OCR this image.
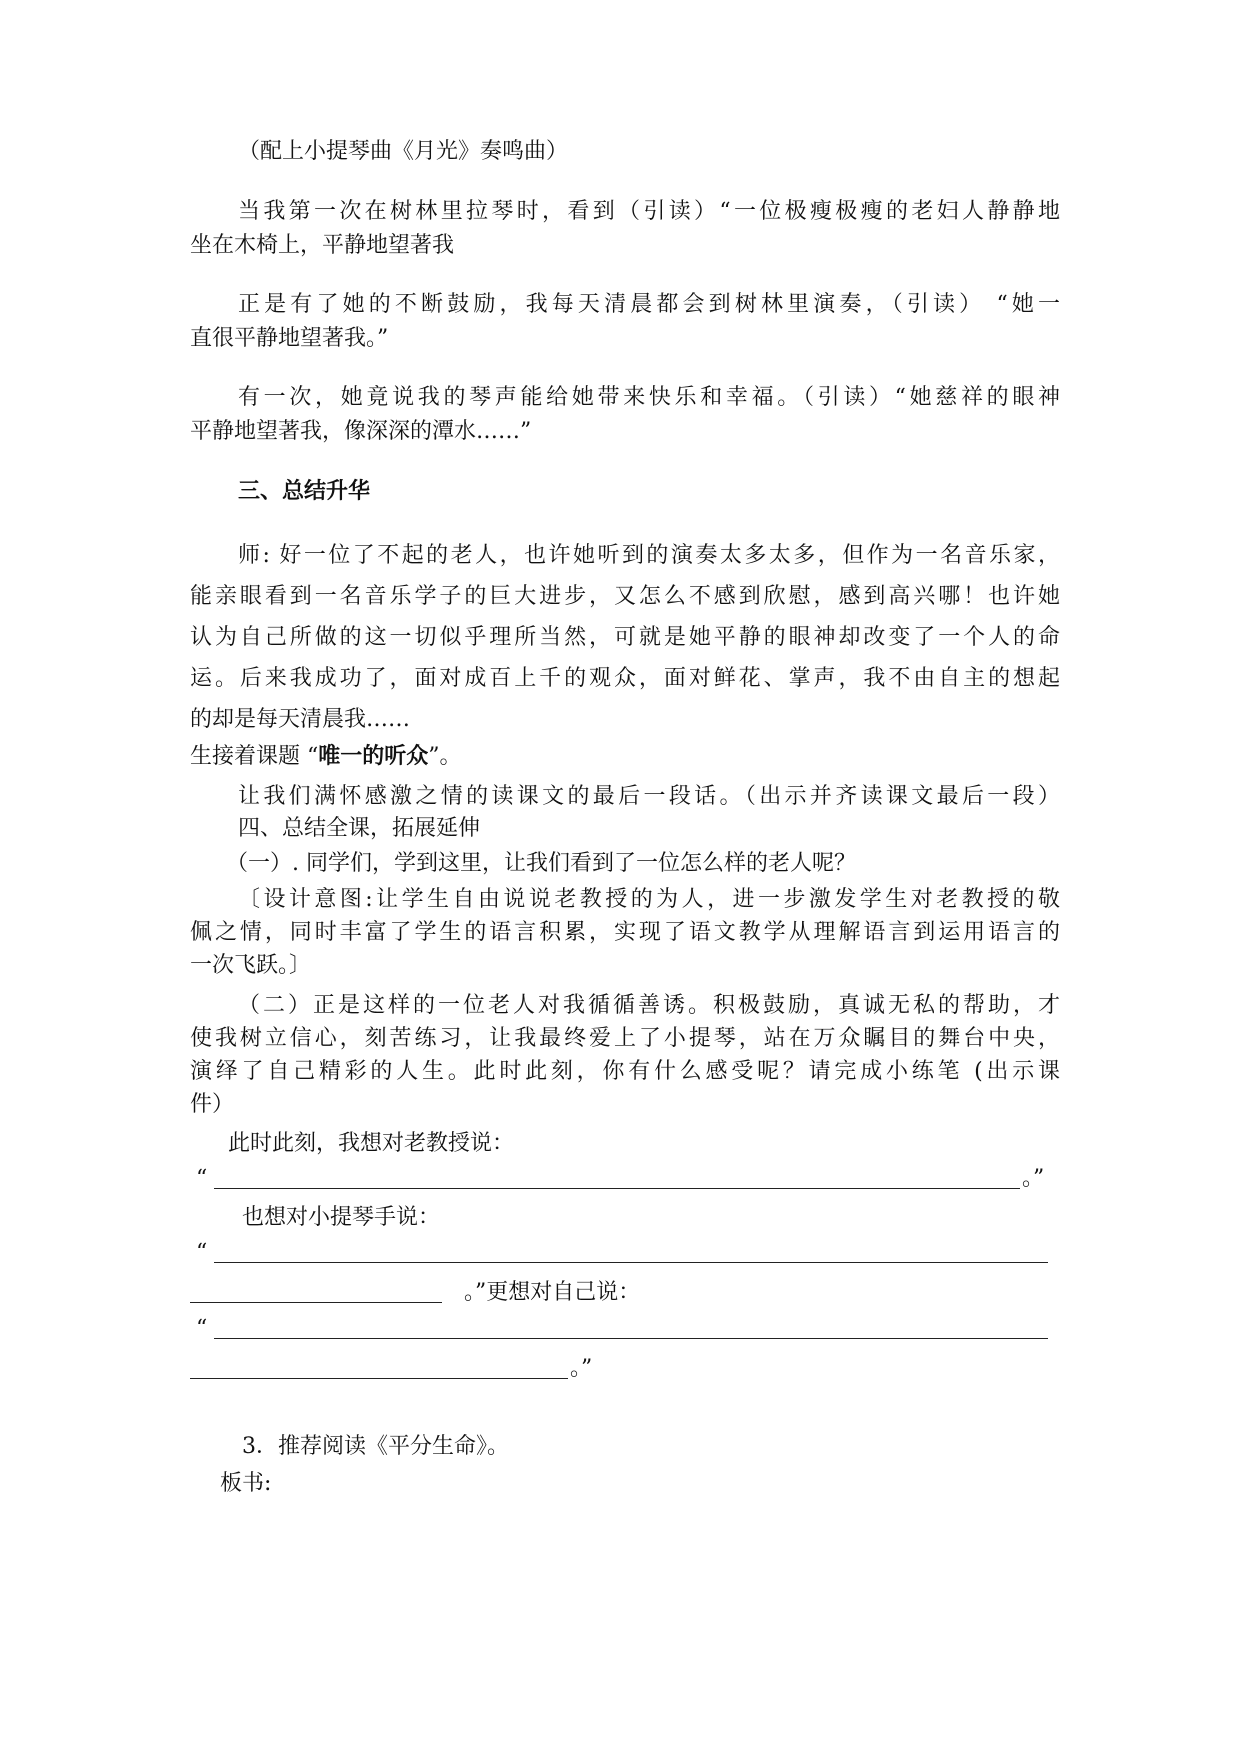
（配上小提琴曲《月光》奏鸣曲）
当我第一次在树林里拉琴时，看到（引读）“一位极瘦极瘦的老妇人静静地
坐在木椅上，平静地望著我
正是有了她的不断鼓励，我每天清晨都会到树林里演奏，（引读） “她一
直很平静地望著我。”
有一次，她竟说我的琴声能给她带来快乐和幸福。（引读）“她慈祥的眼神
平静地望著我，像深深的潭水……”
三、总结升华
师: 好一位了不起的老人，也许她听到的演奏太多太多，但作为一名音乐家，
能亲眼看到一名音乐学子的巨大进步，又怎么不感到欣慰，感到高兴哪！也许她
认为自己所做的这一切似乎理所当然，可就是她平静的眼神却改变了一个人的命
运。后来我成功了，面对成百上千的观众，面对鲜花、掌声，我不由自主的想起
的却是每天清晨我……
生接着课题 “唯一的听众”。
让我们满怀感激之情的读课文的最后一段话。（出示并齐读课文最后一段）
四、总结全课，拓展延伸
（一）. 同学们，学到这里，让我们看到了一位怎么样的老人呢？
〔设计意图:让学生自由说说老教授的为人，进一步激发学生对老教授的敬
佩之情，同时丰富了学生的语言积累，实现了语文教学从理解语言到运用语言的
一次飞跃。〕
（二）正是这样的一位老人对我循循善诱。积极鼓励，真诚无私的帮助，才
使我树立信心，刻苦练习，让我最终爱上了小提琴，站在万众瞩目的舞台中央，
演绎了自己精彩的人生。此时此刻，你有什么感受呢？请完成小练笔 (出示课
件）
此时此刻，我想对老教授说：
“	。”
也想对小提琴手说：
“
。”更想对自己说：
“
。”
3．推荐阅读《平分生命》。
板书:
